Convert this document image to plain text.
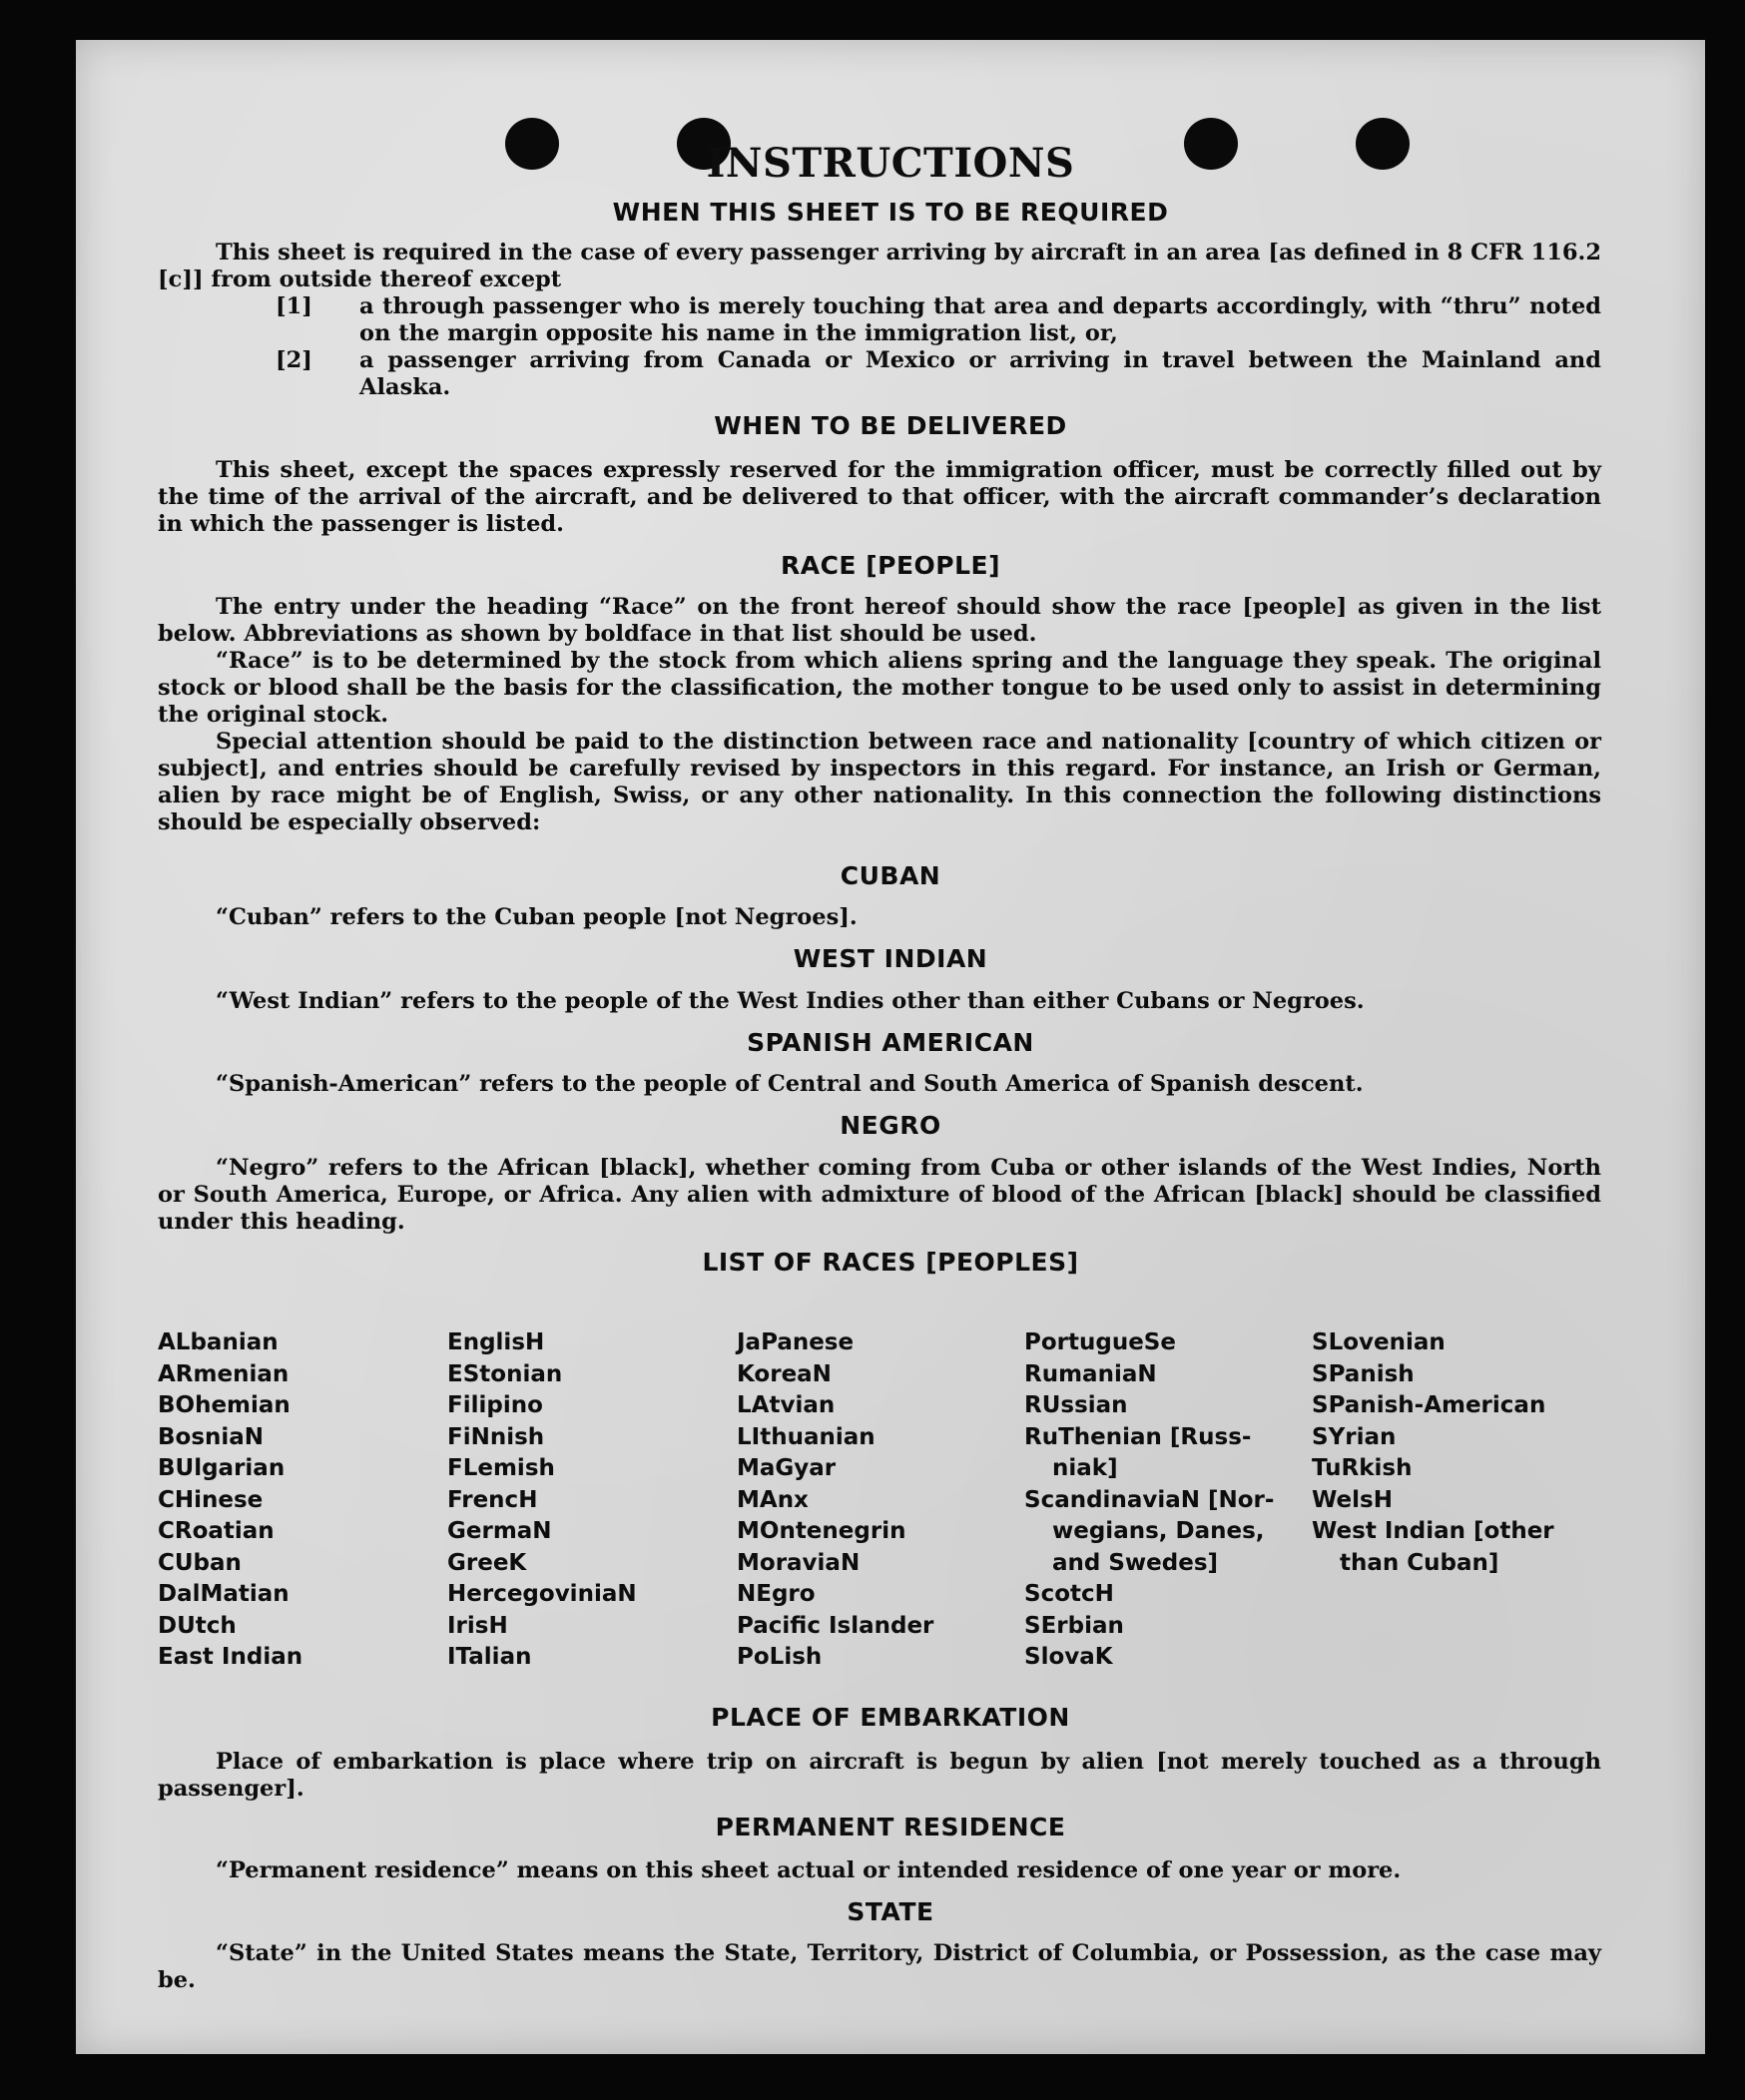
INSTRUCTIONS
WHEN THIS SHEET IS TO BE REQUIRED
This sheet is required in the case of every passenger arriving by aircraft in an area [as defined in 8 CFR 116.2 [c]] from outside thereof except
[1]	a through passenger who is merely touching that area and departs accordingly, with “thru” noted on the margin opposite his name in the immigration list, or,
[2]	a passenger arriving from Canada or Mexico or arriving in travel between the Mainland and Alaska.
WHEN TO BE DELIVERED
This sheet, except the spaces expressly reserved for the immigration officer, must be correctly filled out by the time of the arrival of the aircraft, and be delivered to that officer, with the aircraft commander’s declaration in which the passenger is listed.
RACE [PEOPLE]
The entry under the heading “Race” on the front hereof should show the race [people] as given in the list below. Abbreviations as shown by boldface in that list should be used.
“Race” is to be determined by the stock from which aliens spring and the language they speak. The original stock or blood shall be the basis for the classification, the mother tongue to be used only to assist in determining the original stock.
Special attention should be paid to the distinction between race and nationality [country of which citizen or subject], and entries should be carefully revised by inspectors in this regard. For instance, an Irish or German, alien by race might be of English, Swiss, or any other nationality. In this connection the following distinctions should be especially observed:
CUBAN
“Cuban” refers to the Cuban people [not Negroes].
WEST INDIAN
“West Indian” refers to the people of the West Indies other than either Cubans or Negroes.
SPANISH AMERICAN
“Spanish-American” refers to the people of Central and South America of Spanish descent.
NEGRO
“Negro” refers to the African [black], whether coming from Cuba or other islands of the West Indies, North or South America, Europe, or Africa. Any alien with admixture of blood of the African [black] should be classified under this heading.
LIST OF RACES [PEOPLES]
ALbanian
ARmenian
BOhemian
BosniaN
BUlgarian
CHinese
CRoatian
CUban
DalMatian
DUtch
East Indian
EnglisH
EStonian
Filipino
FiNnish
FLemish
FrencH
GermaN
GreeK
HercegoviniaN
IrisH
ITalian
JaPanese
KoreaN
LAtvian
LIthuanian
MaGyar
MAnx
MOntenegrin
MoraviaN
NEgro
Pacific Islander
PoLish
PortugueSe
RumaniaN
RUssian
RuThenian [Russ-
niak]
ScandinaviaN [Nor-
wegians, Danes,
and Swedes]
ScotcH
SErbian
SlovaK
SLovenian
SPanish
SPanish-American
SYrian
TuRkish
WelsH
West Indian [other
than Cuban]
PLACE OF EMBARKATION
Place of embarkation is place where trip on aircraft is begun by alien [not merely touched as a through passenger].
PERMANENT RESIDENCE
“Permanent residence” means on this sheet actual or intended residence of one year or more.
STATE
“State” in the United States means the State, Territory, District of Columbia, or Possession, as the case may be.
